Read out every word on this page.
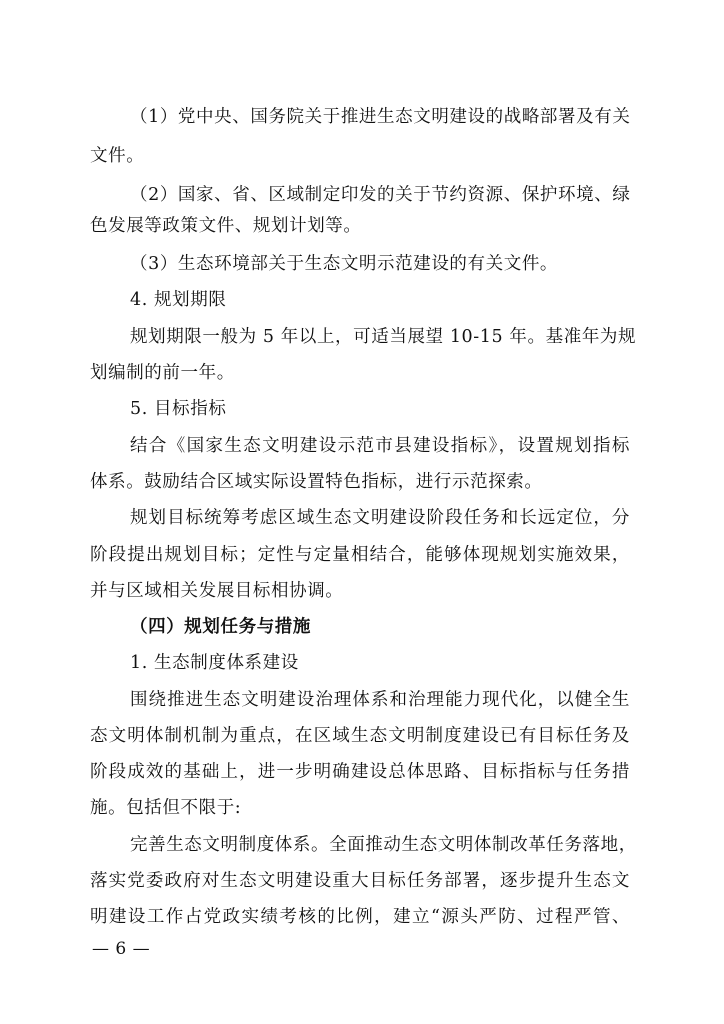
（1）党中央、国务院关于推进生态文明建设的战略部署及有关
文件。
（2）国家、省、区域制定印发的关于节约资源、保护环境、绿
色发展等政策文件、规划计划等。
（3）生态环境部关于生态文明示范建设的有关文件。
4. 规划期限
规划期限一般为 5 年以上，可适当展望 10-15 年。基准年为规
划编制的前一年。
5. 目标指标
结合《国家生态文明建设示范市县建设指标》，设置规划指标
体系。鼓励结合区域实际设置特色指标，进行示范探索。
规划目标统筹考虑区域生态文明建设阶段任务和长远定位，分
阶段提出规划目标；定性与定量相结合，能够体现规划实施效果，
并与区域相关发展目标相协调。
（四）规划任务与措施
1. 生态制度体系建设
围绕推进生态文明建设治理体系和治理能力现代化，以健全生
态文明体制机制为重点，在区域生态文明制度建设已有目标任务及
阶段成效的基础上，进一步明确建设总体思路、目标指标与任务措
施。包括但不限于:
完善生态文明制度体系。全面推动生态文明体制改革任务落地，
落实党委政府对生态文明建设重大目标任务部署，逐步提升生态文
明建设工作占党政实绩考核的比例，建立“源头严防、过程严管、
— 6 —
